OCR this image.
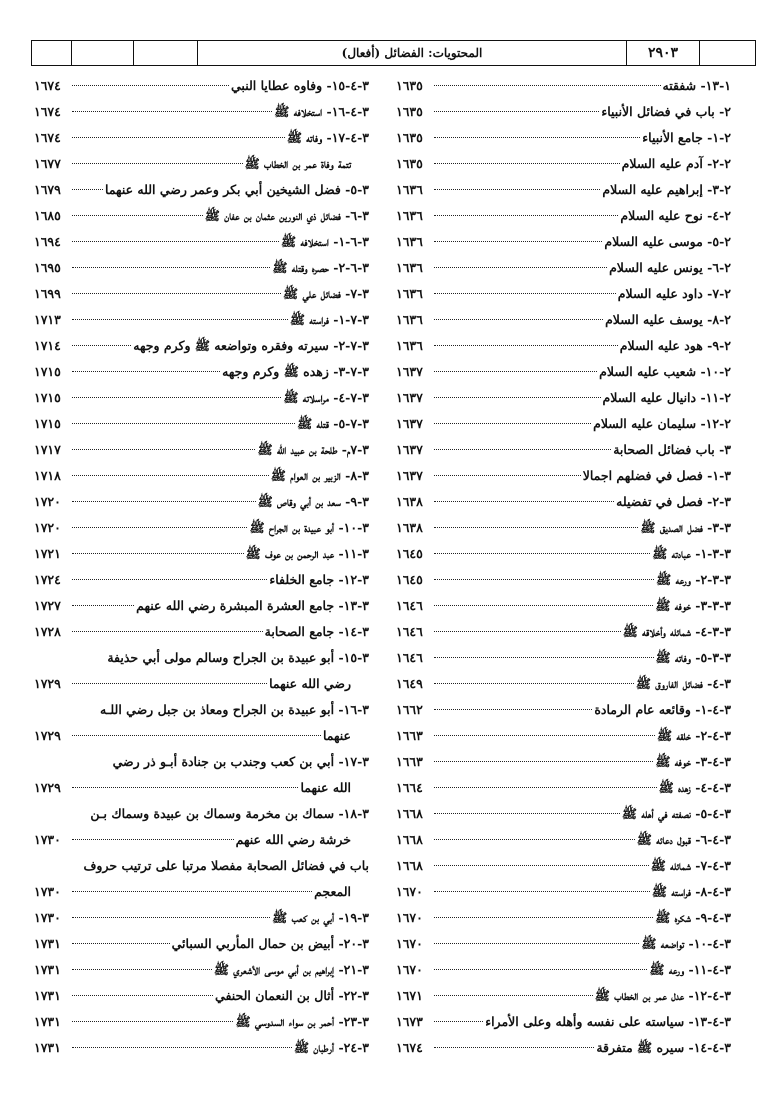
المحتويات: الفضائل (أفعال)	٢٩٠٣
١-١٣- شفقته
١٦٣٥
٢- باب في فضائل الأنبياء
١٦٣٥
٢-١- جامع الأنبياء
١٦٣٥
٢-٢- آدم عليه السلام
١٦٣٥
٢-٣- إبراهيم عليه السلام
١٦٣٦
٢-٤- نوح عليه السلام
١٦٣٦
٢-٥- موسى عليه السلام
١٦٣٦
٢-٦- يونس عليه السلام
١٦٣٦
٢-٧- داود عليه السلام
١٦٣٦
٢-٨- يوسف عليه السلام
١٦٣٦
٢-٩- هود عليه السلام
١٦٣٦
٢-١٠- شعيب عليه السلام
١٦٣٧
٢-١١- دانيال عليه السلام
١٦٣٧
٢-١٢- سليمان عليه السلام
١٦٣٧
٣- باب فضائل الصحابة
١٦٣٧
٣-١- فصل في فضلهم اجمالا
١٦٣٧
٣-٢- فصل في تفضيله
١٦٣٨
٣-٣- فضل الصديق ﷺ
١٦٣٨
٣-٣-١- عبادته ﷺ
١٦٤٥
٣-٣-٢- ورعه ﷺ
١٦٤٥
٣-٣-٣- خوفه ﷺ
١٦٤٦
٣-٣-٤- شمائله وأخلاقه ﷺ
١٦٤٦
٣-٣-٥- وفاته ﷺ
١٦٤٦
٣-٤- فضائل الفاروق ﷺ
١٦٤٩
٣-٤-١- وقائعه عام الرمادة
١٦٦٢
٣-٤-٢- خلقه ﷺ
١٦٦٣
٣-٤-٣- خوفه ﷺ
١٦٦٣
٣-٤-٤- زهده ﷺ
١٦٦٤
٣-٤-٥- نصفته في أهله ﷺ
١٦٦٨
٣-٤-٦- قبول دعائه ﷺ
١٦٦٨
٣-٤-٧- شمائله ﷺ
١٦٦٨
٣-٤-٨- فراسته ﷺ
١٦٧٠
٣-٤-٩- شكره ﷺ
١٦٧٠
٣-٤-١٠- تواضعه ﷺ
١٦٧٠
٣-٤-١١- ورعه ﷺ
١٦٧٠
٣-٤-١٢- عدل عمر بن الخطاب ﷺ
١٦٧١
٣-٤-١٣- سياسته على نفسه وأهله وعلى الأمراء
١٦٧٣
٣-٤-١٤- سيره ﷺ متفرقة
١٦٧٤
٣-٤-١٥- وفاوه عطايا النبي
١٦٧٤
٣-٤-١٦- استخلافه ﷺ
١٦٧٤
٣-٤-١٧- وفاته ﷺ
١٦٧٤
تتمة وفاة عمر بن الخطاب ﷺ
١٦٧٧
٣-٥- فضل الشيخين أبي بكر وعمر رضي الله عنهما
١٦٧٩
٣-٦- فضائل ذي النورين عثمان بن عفان ﷺ
١٦٨٥
٣-٦-١- استخلافه ﷺ
١٦٩٤
٣-٦-٢- حصره وقتله ﷺ
١٦٩٥
٣-٧- فضائل علي ﷺ
١٦٩٩
٣-٧-١- فراسته ﷺ
١٧١٣
٣-٧-٢- سيرته وفقره وتواضعه ﷺ وكرم وجهه
١٧١٤
٣-٧-٣- زهده ﷺ وكرم وجهه
١٧١٥
٣-٧-٤- مراسلاته ﷺ
١٧١٥
٣-٧-٥- قتله ﷺ
١٧١٥
٣-٧م- طلحة بن عبيد الله ﷺ
١٧١٧
٣-٨- الزبير بن العوام ﷺ
١٧١٨
٣-٩- سعد بن أبي وقاص ﷺ
١٧٢٠
٣-١٠- أبو عبيدة بن الجراح ﷺ
١٧٢٠
٣-١١- عبد الرحمن بن عوف ﷺ
١٧٢١
٣-١٢- جامع الخلفاء
١٧٢٤
٣-١٣- جامع العشرة المبشرة رضي الله عنهم
١٧٢٧
٣-١٤- جامع الصحابة
١٧٢٨
٣-١٥- أبو عبيدة بن الجراح وسالم مولى أبي حذيفة
رضي الله عنهما
١٧٢٩
٣-١٦- أبو عبيدة بن الجراح ومعاذ بن جبل رضي اللـه
عنهما
١٧٢٩
٣-١٧- أبي بن كعب وجندب بن جنادة أبـو ذر رضي
الله عنهما
١٧٢٩
٣-١٨- سماك بن مخرمة وسماك بن عبيدة وسماك بـن
خرشة رضي الله عنهم
١٧٣٠
باب في فضائل الصحابة مفصلا مرتبا على ترتيب حروف
المعجم
١٧٣٠
٣-١٩- أبي بن كعب ﷺ
١٧٣٠
٣-٢٠- أبيض بن حمال المأربي السبائي
١٧٣١
٣-٢١- إبراهيم بن أبي موسى الأشعري ﷺ
١٧٣١
٣-٢٢- أثال بن النعمان الحنفي
١٧٣١
٣-٢٣- أحمر بن سواء السدوسي ﷺ
١٧٣١
٣-٢٤- أرطبان ﷺ
١٧٣١
